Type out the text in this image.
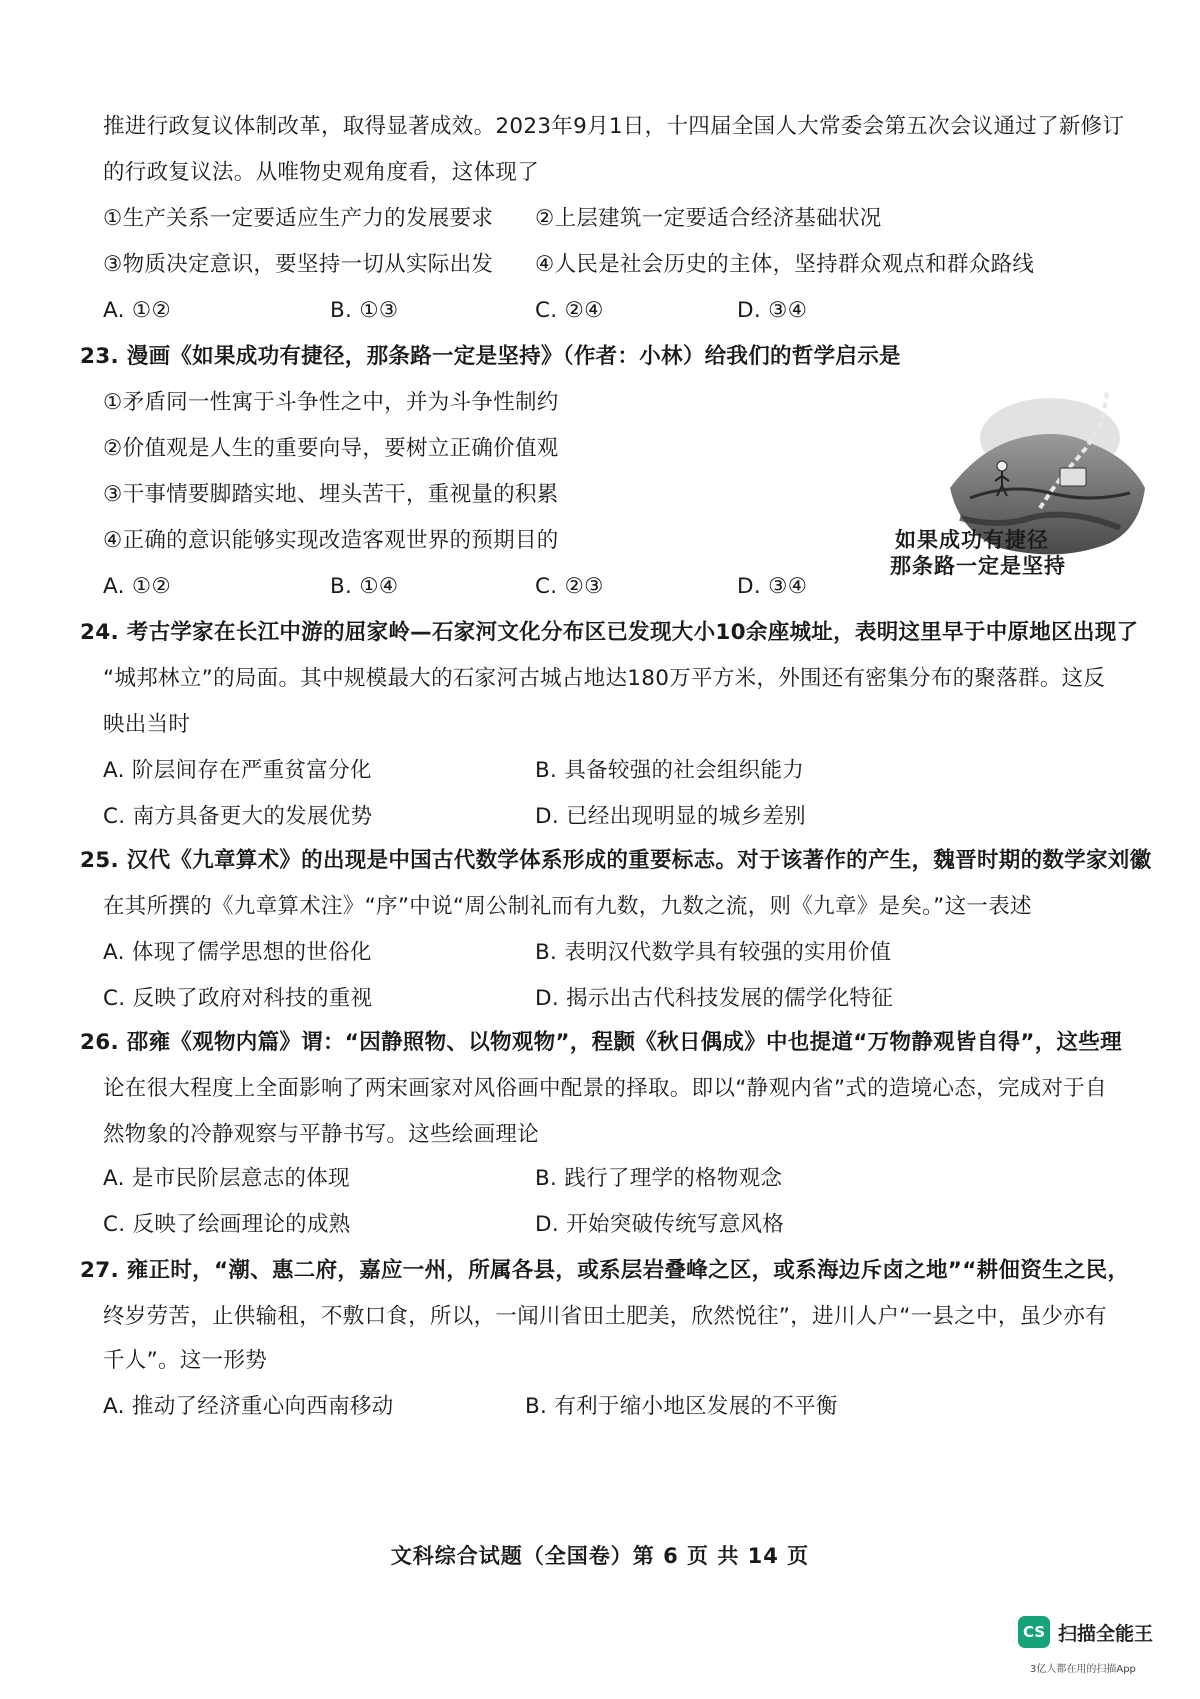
推进行政复议体制改革，取得显著成效。2023年9月1日，十四届全国人大常委会第五次会议通过了新修订
的行政复议法。从唯物史观角度看，这体现了
①生产关系一定要适应生产力的发展要求 ②上层建筑一定要适合经济基础状况
③物质决定意识，要坚持一切从实际出发 ④人民是社会历史的主体，坚持群众观点和群众路线
A. ①②	B. ①③	C. ②④	D. ③④
23. 漫画《如果成功有捷径，那条路一定是坚持》（作者：小林）给我们的哲学启示是
①矛盾同一性寓于斗争性之中，并为斗争性制约
②价值观是人生的重要向导，要树立正确价值观
③干事情要脚踏实地、埋头苦干，重视量的积累
④正确的意识能够实现改造客观世界的预期目的
A. ①②	B. ①④	C. ②③	D. ③④
如果成功有捷径
那条路一定是坚持
24. 考古学家在长江中游的屈家岭—石家河文化分布区已发现大小10余座城址，表明这里早于中原地区出现了
“城邦林立”的局面。其中规模最大的石家河古城占地达180万平方米，外围还有密集分布的聚落群。这反
映出当时
A. 阶层间存在严重贫富分化	B. 具备较强的社会组织能力
C. 南方具备更大的发展优势	D. 已经出现明显的城乡差别
25. 汉代《九章算术》的出现是中国古代数学体系形成的重要标志。对于该著作的产生，魏晋时期的数学家刘徽
在其所撰的《九章算术注》“序”中说“周公制礼而有九数，九数之流，则《九章》是矣。”这一表述
A. 体现了儒学思想的世俗化	B. 表明汉代数学具有较强的实用价值
C. 反映了政府对科技的重视	D. 揭示出古代科技发展的儒学化特征
26. 邵雍《观物内篇》谓：“因静照物、以物观物”，程颢《秋日偶成》中也提道“万物静观皆自得”，这些理
论在很大程度上全面影响了两宋画家对风俗画中配景的择取。即以“静观内省”式的造境心态，完成对于自
然物象的冷静观察与平静书写。这些绘画理论
A. 是市民阶层意志的体现	B. 践行了理学的格物观念
C. 反映了绘画理论的成熟	D. 开始突破传统写意风格
27. 雍正时，“潮、惠二府，嘉应一州，所属各县，或系层岩叠峰之区，或系海边斥卤之地”“耕佃资生之民，
终岁劳苦，止供输租，不敷口食，所以，一闻川省田土肥美，欣然悦往”，进川人户“一县之中，虽少亦有
千人”。这一形势
A. 推动了经济重心向西南移动	B. 有利于缩小地区发展的不平衡
文科综合试题（全国卷）第 6 页 共 14 页
CS 扫描全能王
3亿人都在用的扫描App
